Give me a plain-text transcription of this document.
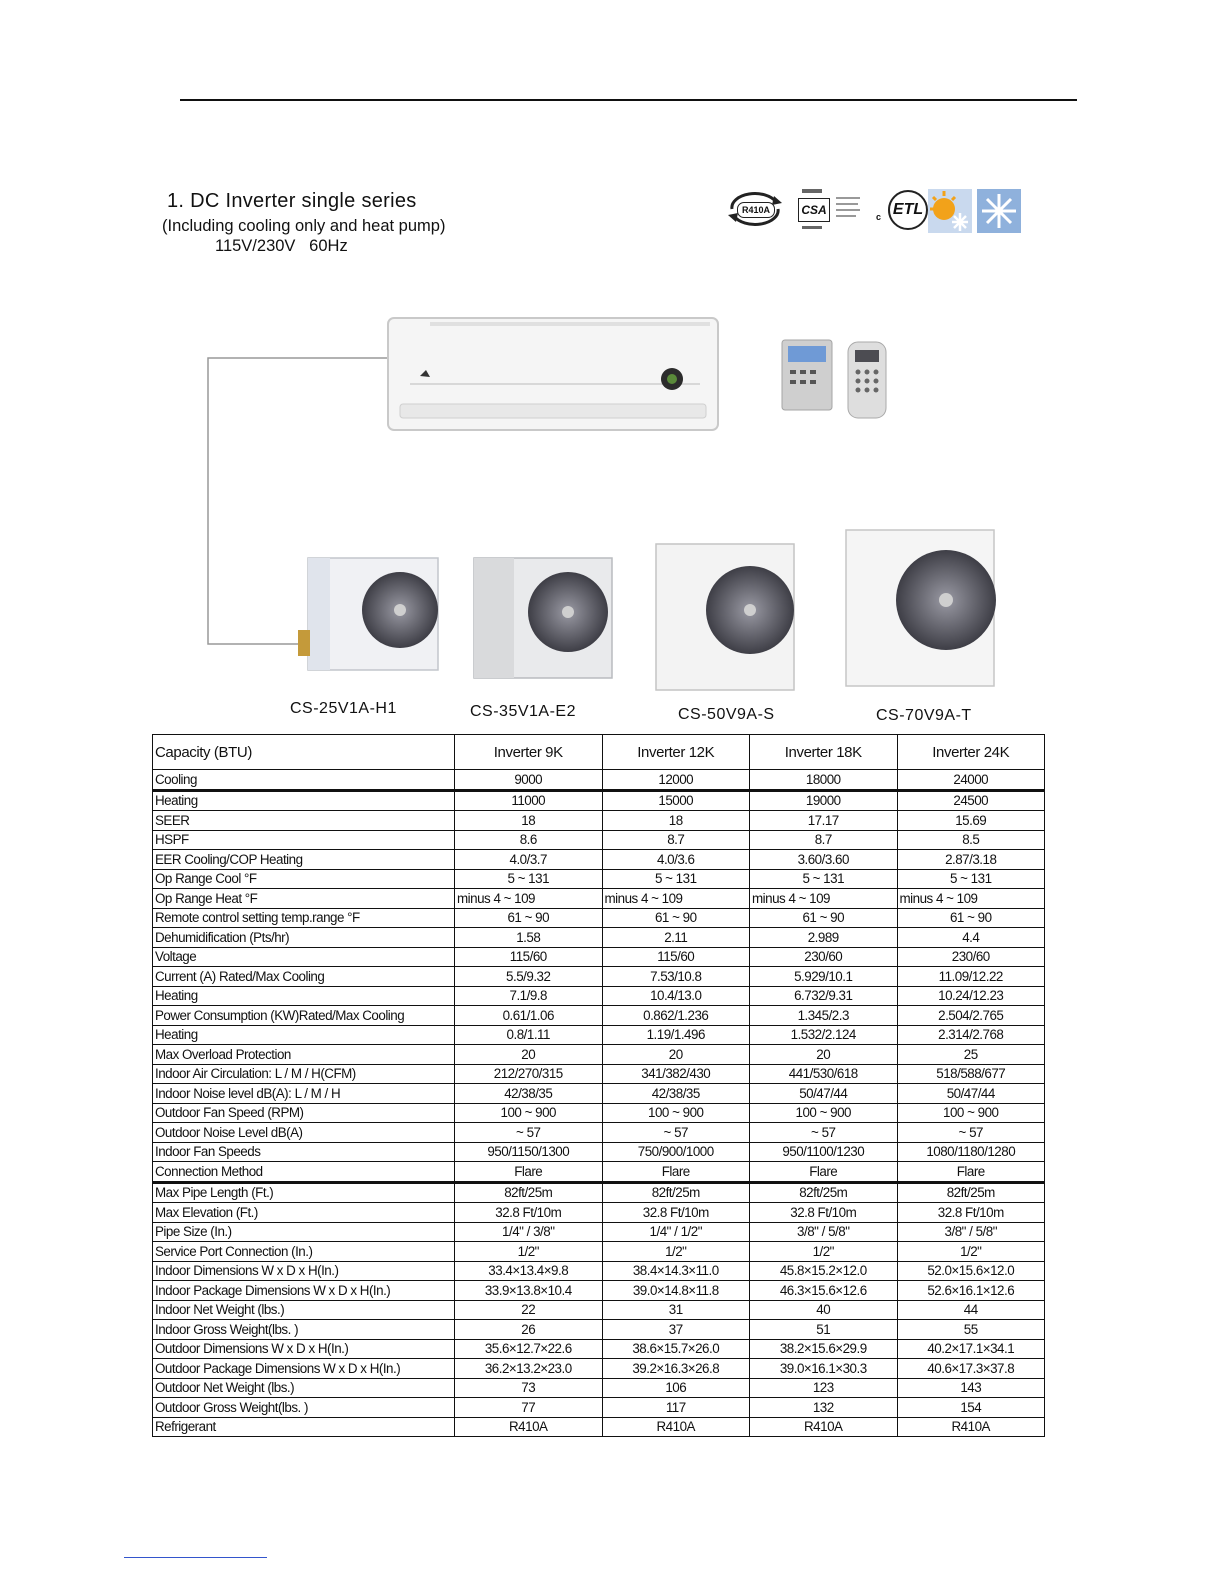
1. DC Inverter single series
(Including cooling only and heat pump)
115V/230V   60Hz
R410A	CSA	ETL
c
CS-25V1A-H1	CS-35V1A-E2	CS-50V9A-S	CS-70V9A-T
Capacity (BTU)	Inverter 9K	Inverter 12K	Inverter 18K	Inverter 24K
Cooling	9000	12000	18000	24000
Heating	11000	15000	19000	24500
SEER	18	18	17.17	15.69
HSPF	8.6	8.7	8.7	8.5
EER Cooling/COP Heating	4.0/3.7	4.0/3.6	3.60/3.60	2.87/3.18
Op Range Cool °F	5 ~ 131	5 ~ 131	5 ~ 131	5 ~ 131
Op Range Heat °F	minus 4 ~ 109	minus 4 ~ 109	minus 4 ~ 109	minus 4 ~ 109
Remote control setting temp.range °F	61 ~ 90	61 ~ 90	61 ~ 90	61 ~ 90
Dehumidification (Pts/hr)	1.58	2.11	2.989	4.4
Voltage	115/60	115/60	230/60	230/60
Current (A) Rated/Max Cooling	5.5/9.32	7.53/10.8	5.929/10.1	11.09/12.22
Heating	7.1/9.8	10.4/13.0	6.732/9.31	10.24/12.23
Power Consumption (KW)Rated/Max Cooling	0.61/1.06	0.862/1.236	1.345/2.3	2.504/2.765
Heating	0.8/1.11	1.19/1.496	1.532/2.124	2.314/2.768
Max Overload Protection	20	20	20	25
Indoor Air Circulation: L / M / H(CFM)	212/270/315	341/382/430	441/530/618	518/588/677
Indoor Noise level dB(A): L / M / H	42/38/35	42/38/35	50/47/44	50/47/44
Outdoor Fan Speed (RPM)	100 ~ 900	100 ~ 900	100 ~ 900	100 ~ 900
Outdoor Noise Level dB(A)	~ 57	~ 57	~ 57	~ 57
Indoor Fan Speeds	950/1150/1300	750/900/1000	950/1100/1230	1080/1180/1280
Connection Method	Flare	Flare	Flare	Flare
Max Pipe Length (Ft.)	82ft/25m	82ft/25m	82ft/25m	82ft/25m
Max Elevation (Ft.)	32.8 Ft/10m	32.8 Ft/10m	32.8 Ft/10m	32.8 Ft/10m
Pipe Size (In.)	1/4" / 3/8"	1/4" / 1/2"	3/8" / 5/8"	3/8" / 5/8"
Service Port Connection (In.)	1/2"	1/2"	1/2"	1/2"
Indoor Dimensions W x D x H(In.)	33.4×13.4×9.8	38.4×14.3×11.0	45.8×15.2×12.0	52.0×15.6×12.0
Indoor Package Dimensions W x D x H(In.)	33.9×13.8×10.4	39.0×14.8×11.8	46.3×15.6×12.6	52.6×16.1×12.6
Indoor Net Weight (lbs.)	22	31	40	44
Indoor Gross Weight(lbs. )	26	37	51	55
Outdoor Dimensions W x D x H(In.)	35.6×12.7×22.6	38.6×15.7×26.0	38.2×15.6×29.9	40.2×17.1×34.1
Outdoor Package Dimensions W x D x H(In.)	36.2×13.2×23.0	39.2×16.3×26.8	39.0×16.1×30.3	40.6×17.3×37.8
Outdoor Net Weight (lbs.)	73	106	123	143
Outdoor Gross Weight(lbs. )	77	117	132	154
Refrigerant	R410A	R410A	R410A	R410A
